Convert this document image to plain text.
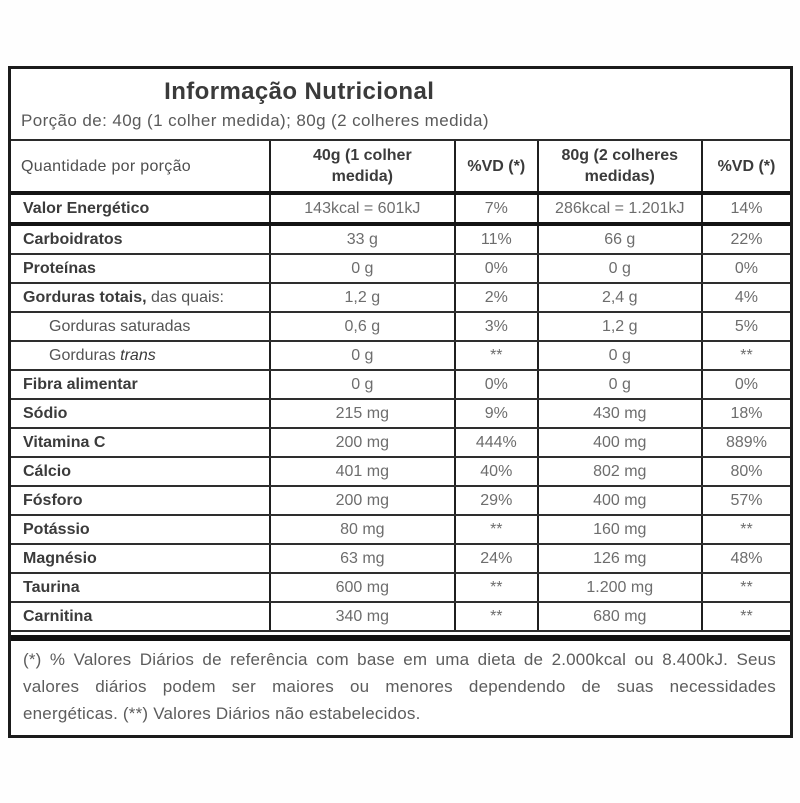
Informação Nutricional
Porção de: 40g (1 colher medida); 80g (2 colheres medida)
Quantidade por porção	40g (1 colher medida)	%VD (*)	80g (2 colheres medidas)	%VD (*)
Valor Energético	143kcal = 601kJ	7%	286kcal = 1.201kJ	14%
Carboidratos	33 g	11%	66 g	22%
Proteínas	0 g	0%	0 g	0%
Gorduras totais, das quais:	1,2 g	2%	2,4 g	4%
Gorduras saturadas	0,6 g	3%	1,2 g	5%
Gorduras trans	0 g	**	0 g	**
Fibra alimentar	0 g	0%	0 g	0%
Sódio	215 mg	9%	430 mg	18%
Vitamina C	200 mg	444%	400 mg	889%
Cálcio	401 mg	40%	802 mg	80%
Fósforo	200 mg	29%	400 mg	57%
Potássio	80 mg	**	160 mg	**
Magnésio	63 mg	24%	126 mg	48%
Taurina	600 mg	**	1.200 mg	**
Carnitina	340 mg	**	680 mg	**
(*) % Valores Diários de referência com base em uma dieta de 2.000kcal ou 8.400kJ. Seus
valores diários podem ser maiores ou menores dependendo de suas necessidades
energéticas. (**) Valores Diários não estabelecidos.
